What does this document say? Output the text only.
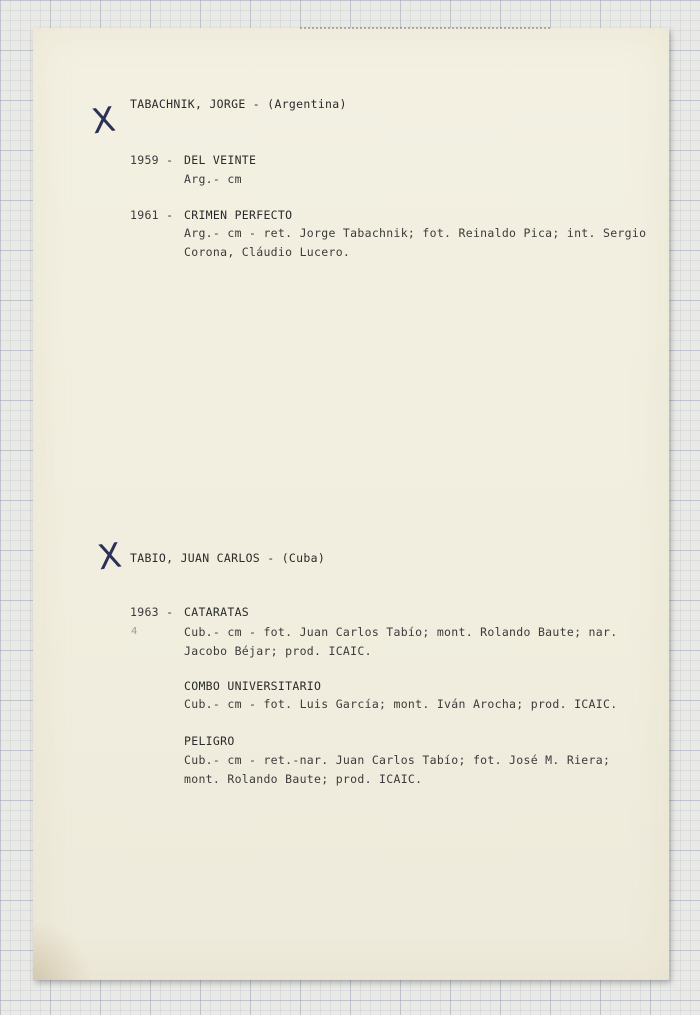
X TABACHNIK, JORGE - (Argentina)
1959 - DEL VEINTE
Arg.- cm
1961 - CRIMEN PERFECTO
Arg.- cm - ret. Jorge Tabachnik; fot. Reinaldo Pica; int. Sergio
Corona, Cláudio Lucero.
X TABIO, JUAN CARLOS - (Cuba)
1963 - CATARATAS
4	Cub.- cm - fot. Juan Carlos Tabío; mont. Rolando Baute; nar.
Jacobo Béjar; prod. ICAIC.
COMBO UNIVERSITARIO
Cub.- cm - fot. Luis García; mont. Iván Arocha; prod. ICAIC.
PELIGRO
Cub.- cm - ret.-nar. Juan Carlos Tabío; fot. José M. Riera;
mont. Rolando Baute; prod. ICAIC.
